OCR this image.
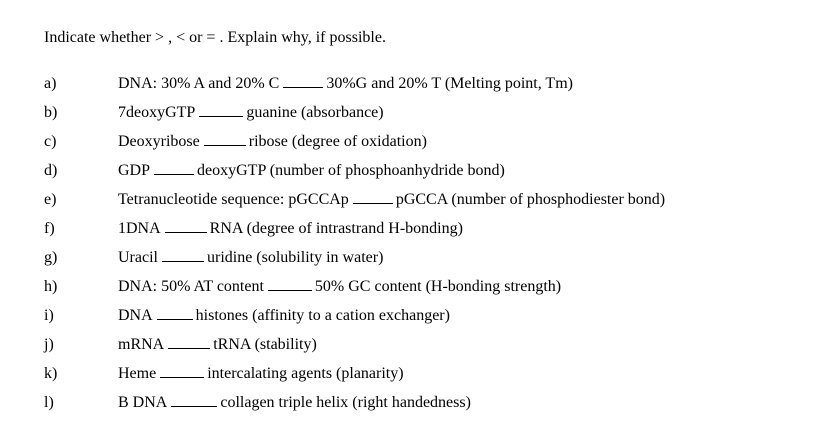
Indicate whether > , < or = . Explain why, if possible.
a)	DNA: 30% A and 20% C	30%G and 20% T (Melting point, Tm)
b)	7deoxyGTP	guanine (absorbance)
c)	Deoxyribose	ribose (degree of oxidation)
d)	GDP	deoxyGTP (number of phosphoanhydride bond)
e)	Tetranucleotide sequence: pGCCAp	pGCCA (number of phosphodiester bond)
f)	1DNA	RNA (degree of intrastrand H-bonding)
g)	Uracil	uridine (solubility in water)
h)	DNA: 50% AT content	50% GC content (H-bonding strength)
i)	DNA	histones (affinity to a cation exchanger)
j)	mRNA	tRNA (stability)
k)	Heme	intercalating agents (planarity)
l)	B DNA	collagen triple helix (right handedness)
